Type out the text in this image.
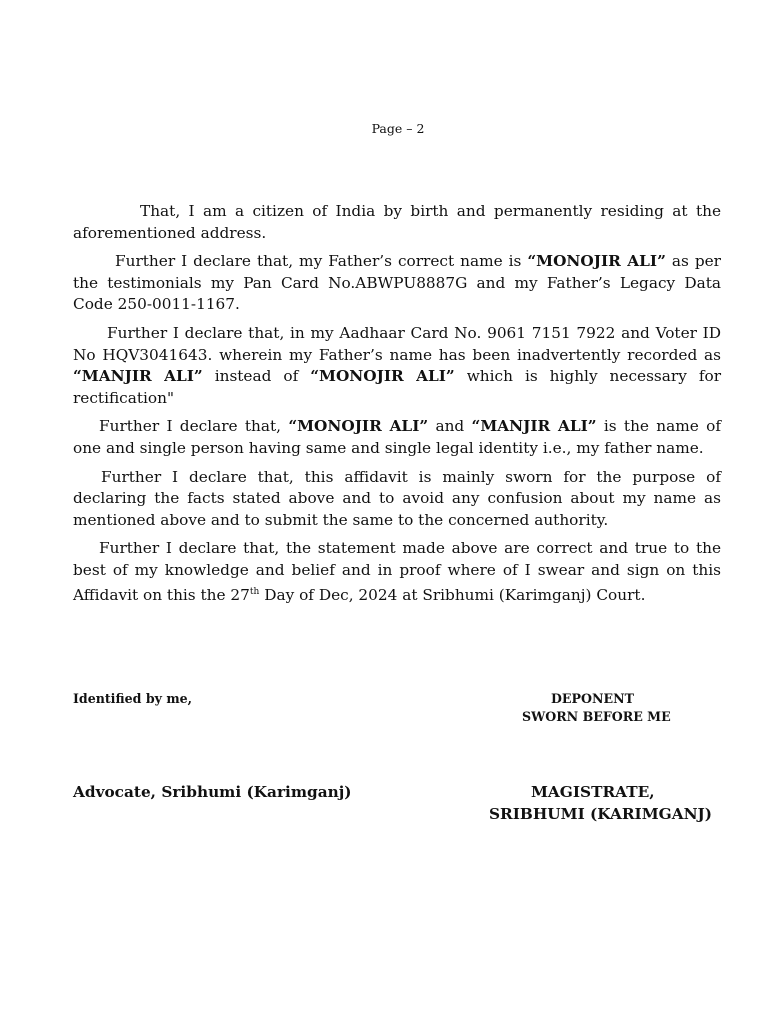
Page – 2

That, I am a citizen of India by birth and permanently residing at the aforementioned address.

Further I declare that, my Father’s correct name is “MONOJIR ALI” as per the testimonials my Pan Card No.ABWPU8887G and my Father’s Legacy Data Code 250-0011-1167.

Further I declare that, in my Aadhaar Card No. 9061 7151 7922 and Voter ID No HQV3041643. wherein my Father’s name has been inadvertently recorded as “MANJIR ALI” instead of “MONOJIR ALI” which is highly necessary for rectification"

Further I declare that, “MONOJIR ALI” and “MANJIR ALI” is the name of one and single person having same and single legal identity i.e., my father name.

Further I declare that, this affidavit is mainly sworn for the purpose of declaring the facts stated above and to avoid any confusion about my name as mentioned above and to submit the same to the concerned authority.

Further I declare that, the statement made above are correct and true to the best of my knowledge and belief and in proof where of I swear and sign on this Affidavit on this the 27th Day of Dec, 2024 at Sribhumi (Karimganj) Court.

Identified by me,	DEPONENT
SWORN BEFORE ME
Advocate, Sribhumi (Karimganj)	MAGISTRATE,
SRIBHUMI (KARIMGANJ)
